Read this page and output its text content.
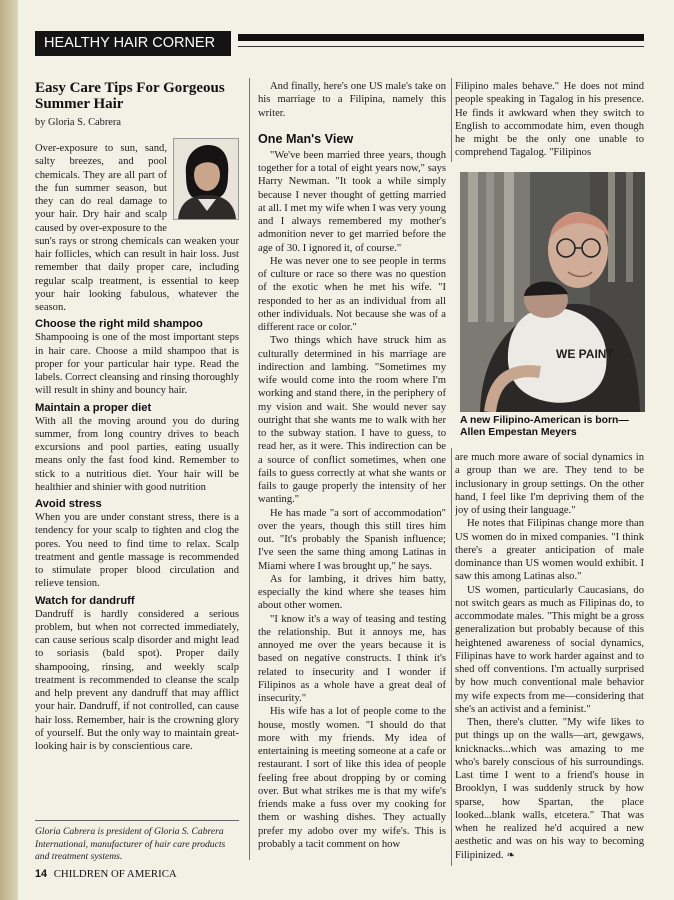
HEALTHY HAIR CORNER

Easy Care Tips For Gorgeous Summer Hair

by Gloria S. Cabrera

Over-exposure to sun, sand, salty breezes, and pool chemicals. They are all part of the fun summer season, but they can do real damage to your hair. Dry hair and scalp caused by over-exposure to the sun's rays or strong chemicals can weaken your hair follicles, which can result in hair loss. Just remember that daily proper care, including regular scalp treatment, is essential to keep your hair looking fabulous, whatever the season.

Choose the right mild shampoo

Shampooing is one of the most important steps in hair care. Choose a mild shampoo that is proper for your particular hair type. Read the labels. Correct cleansing and rinsing thoroughly will result in shiny and bouncy hair.

Maintain a proper diet

With all the moving around you do during summer, from long country drives to beach excursions and pool parties, eating usually means only the fast food kind. Remember to stick to a nutritious diet. Your hair will be healthier and shinier with good nutrition

Avoid stress

When you are under constant stress, there is a tendency for your scalp to tighten and clog the pores. You need to find time to relax. Scalp treatment and gentle massage is recommended to stimulate proper blood circulation and relieve tension.

Watch for dandruff

Dandruff is hardly considered a serious problem, but when not corrected immediately, can cause serious scalp disorder and might lead to soriasis (bald spot). Proper daily shampooing, rinsing, and weekly scalp treatment is recommended to cleanse the scalp and help prevent any dandruff that may afflict your hair. Dandruff, if not controlled, can cause hair loss. Remember, hair is the crowning glory of yourself. But the only way to maintain great-looking hair is by conscientious care.

Gloria Cabrera is president of Gloria S. Cabrera International, manufacturer of hair care products and treatment systems.

And finally, here's one US male's take on his marriage to a Filipina, namely this writer.

One Man's View

"We've been married three years, though together for a total of eight years now," says Harry Newman. "It took a while simply because I never thought of getting married at all. I met my wife when I was very young and I always remembered my mother's admonition never to get married before the age of 30. I ignored it, of course."

He was never one to see people in terms of culture or race so there was no question of the exotic when he met his wife. "I responded to her as an individual from all other individuals. Not because she was of a different race or color."

Two things which have struck him as culturally determined in his marriage are indirection and lambing. "Sometimes my wife would come into the room where I'm working and stand there, in the periphery of my vision and wait. She would never say outright that she wants me to walk with her to the subway station. I have to guess, to read her, as it were. This indirection can be a source of conflict sometimes, when one fails to guess correctly at what she wants or fails to gauge properly the intensity of her wanting."

He has made "a sort of accommodation" over the years, though this still tires him out. "It's probably the Spanish influence; I've seen the same thing among Latinas in Miami where I was brought up," he says.

As for lambing, it drives him batty, especially the kind where she teases him about other women.

"I know it's a way of teasing and testing the relationship. But it annoys me, has annoyed me over the years because it is based on negative constructs. I think it's related to insecurity and I wonder if Filipinos as a whole have a great deal of insecurity."

His wife has a lot of people come to the house, mostly women. "I should do that more with my friends. My idea of entertaining is meeting someone at a cafe or restaurant. I sort of like this idea of people feeling free about dropping by or coming over. But what strikes me is that my wife's friends make a fuss over my cooking for them or washing dishes. They actually prefer my adobo over my wife's. This is probably a tacit comment on how

Filipino males behave." He does not mind people speaking in Tagalog in his presence. He finds it awkward when they switch to English to accommodate him, even though he might be the only one unable to comprehend Tagalog. "Filipinos

WE PAINT
A new Filipino-American is born—Allen Empestan Meyers

are much more aware of social dynamics in a group than we are. They tend to be inclusionary in group settings. On the other hand, I feel like I'm depriving them of the joy of using their language."

He notes that Filipinas change more than US women do in mixed companies. "I think there's a greater anticipation of male dominance than US women would exhibit. I saw this among Latinas also."

US women, particularly Caucasians, do not switch gears as much as Filipinas do, to accommodate males. "This might be a gross generalization but probably because of this heightened awareness of social dynamics, Filipinas have to work harder against and to shed off conventions. I'm actually surprised by how much conventional male behavior my wife expects from me—considering that she's an activist and a feminist."

Then, there's clutter. "My wife likes to put things up on the walls—art, gewgaws, knicknacks...which was amazing to me who's barely conscious of his surroundings. Last time I went to a friend's house in Brooklyn, I was suddenly struck by how sparse, how Spartan, the place looked...blank walls, etcetera." That was when he realized he'd acquired a new aesthetic and was on his way to becoming Filipinized. ❧

14 CHILDREN OF AMERICA
